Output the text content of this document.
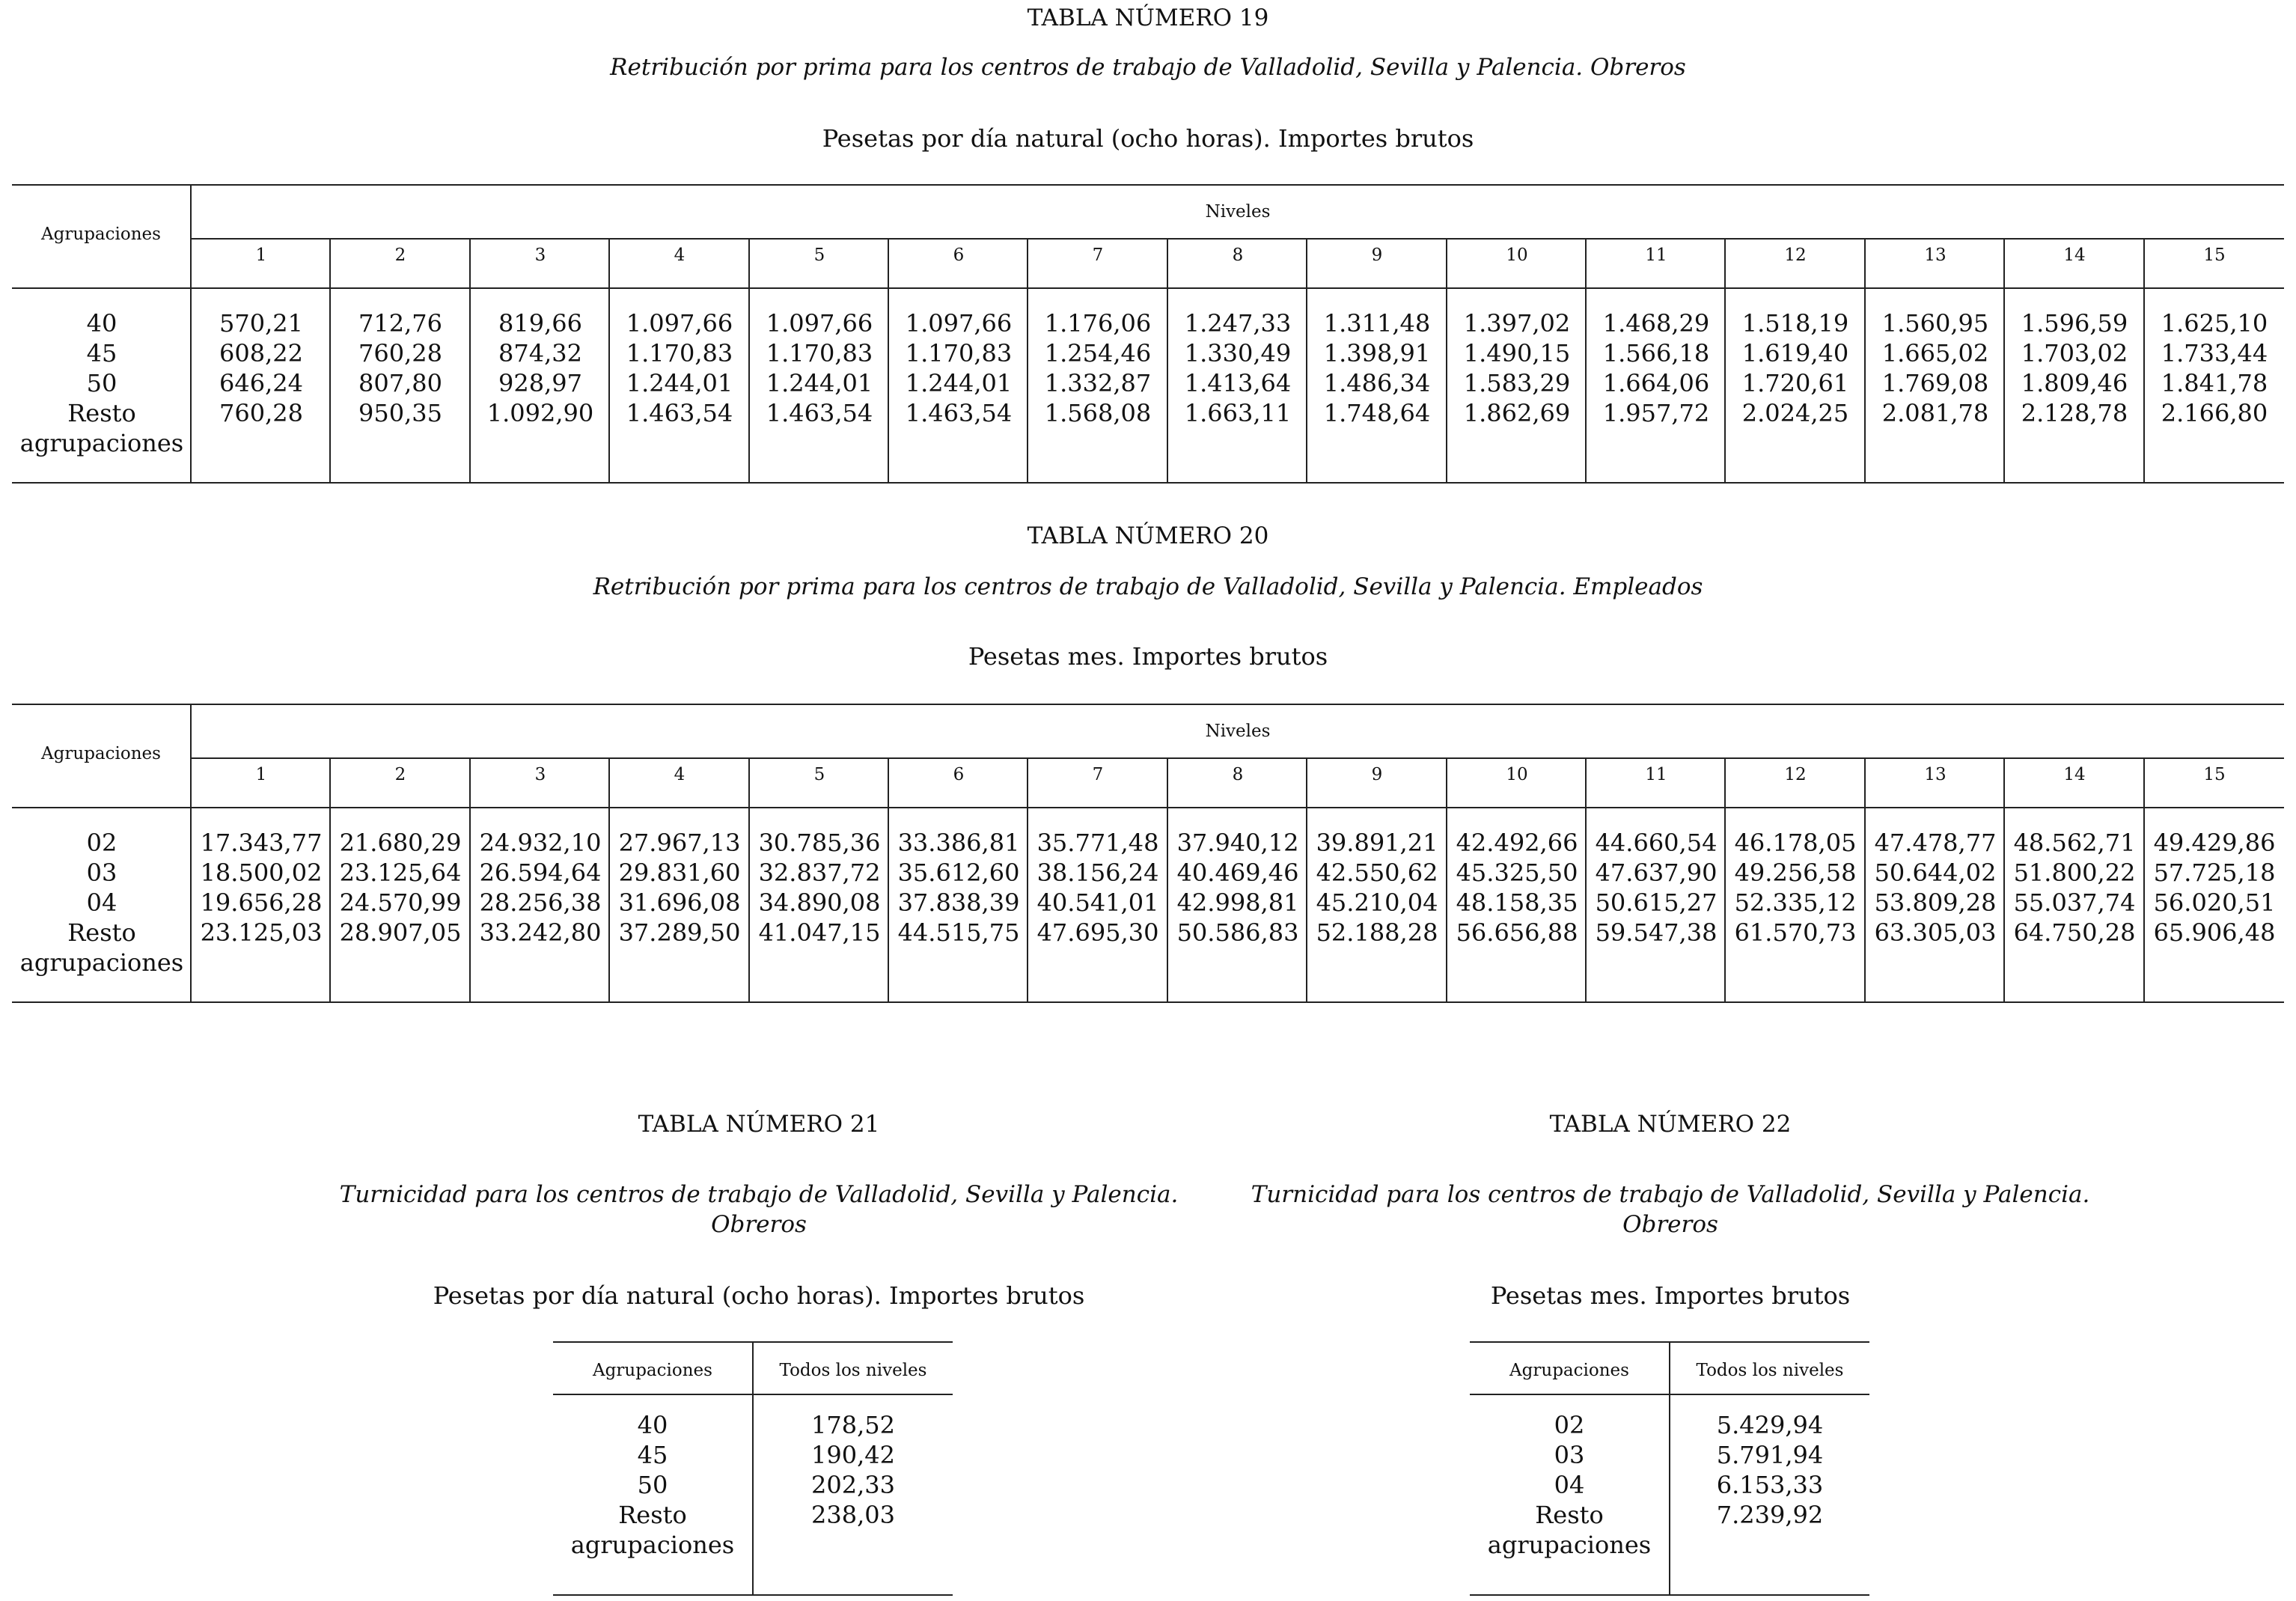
TABLA NÚMERO 19
Retribución por prima para los centros de trabajo de Valladolid, Sevilla y Palencia. Obreros
Pesetas por día natural (ocho horas). Importes brutos
Agrupaciones
Niveles
40
45
50
Resto
agrupaciones
1
570,21
608,22
646,24
760,28
2
712,76
760,28
807,80
950,35
3
819,66
874,32
928,97
1.092,90
4
1.097,66
1.170,83
1.244,01
1.463,54
5
1.097,66
1.170,83
1.244,01
1.463,54
6
1.097,66
1.170,83
1.244,01
1.463,54
7
1.176,06
1.254,46
1.332,87
1.568,08
8
1.247,33
1.330,49
1.413,64
1.663,11
9
1.311,48
1.398,91
1.486,34
1.748,64
10
1.397,02
1.490,15
1.583,29
1.862,69
11
1.468,29
1.566,18
1.664,06
1.957,72
12
1.518,19
1.619,40
1.720,61
2.024,25
13
1.560,95
1.665,02
1.769,08
2.081,78
14
1.596,59
1.703,02
1.809,46
2.128,78
15
1.625,10
1.733,44
1.841,78
2.166,80
TABLA NÚMERO 20
Retribución por prima para los centros de trabajo de Valladolid, Sevilla y Palencia. Empleados
Pesetas mes. Importes brutos
Agrupaciones
Niveles
02
03
04
Resto
agrupaciones
1
17.343,77
18.500,02
19.656,28
23.125,03
2
21.680,29
23.125,64
24.570,99
28.907,05
3
24.932,10
26.594,64
28.256,38
33.242,80
4
27.967,13
29.831,60
31.696,08
37.289,50
5
30.785,36
32.837,72
34.890,08
41.047,15
6
33.386,81
35.612,60
37.838,39
44.515,75
7
35.771,48
38.156,24
40.541,01
47.695,30
8
37.940,12
40.469,46
42.998,81
50.586,83
9
39.891,21
42.550,62
45.210,04
52.188,28
10
42.492,66
45.325,50
48.158,35
56.656,88
11
44.660,54
47.637,90
50.615,27
59.547,38
12
46.178,05
49.256,58
52.335,12
61.570,73
13
47.478,77
50.644,02
53.809,28
63.305,03
14
48.562,71
51.800,22
55.037,74
64.750,28
15
49.429,86
57.725,18
56.020,51
65.906,48
TABLA NÚMERO 21
Turnicidad para los centros de trabajo de Valladolid, Sevilla y Palencia.
Obreros
Pesetas por día natural (ocho horas). Importes brutos
Agrupaciones	Todos los niveles
40
45
50
Resto
agrupaciones
178,52
190,42
202,33
238,03
TABLA NÚMERO 22
Turnicidad para los centros de trabajo de Valladolid, Sevilla y Palencia.
Obreros
Pesetas mes. Importes brutos
Agrupaciones	Todos los niveles
02
03
04
Resto
agrupaciones
5.429,94
5.791,94
6.153,33
7.239,92
